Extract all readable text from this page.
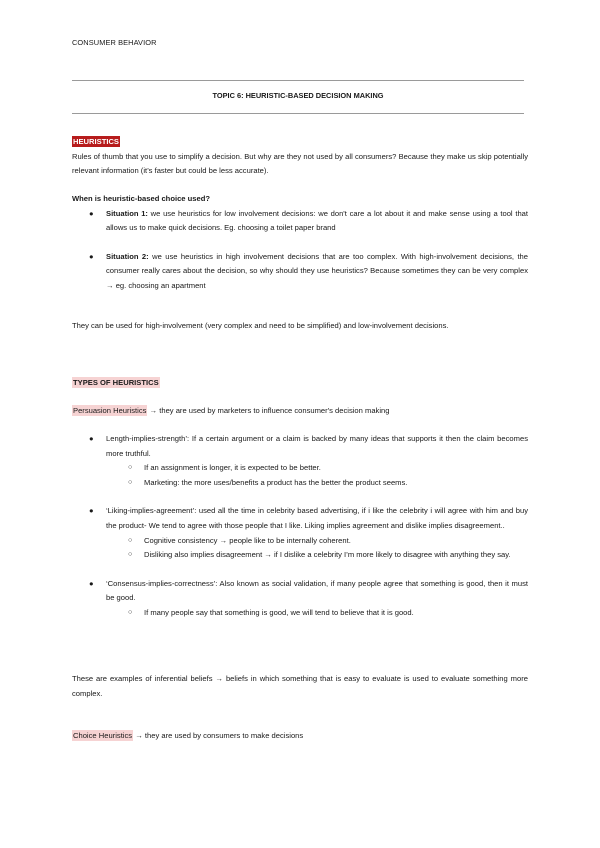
CONSUMER BEHAVIOR
TOPIC 6: HEURISTIC-BASED DECISION MAKING
HEURISTICS
Rules of thumb that you use to simplify a decision. But why are they not used by all consumers? Because they make us skip potentially relevant information (it’s faster but could be less accurate).
When is heuristic-based choice used?
● Situation 1: we use heuristics for low involvement decisions: we don't care a lot about it and make sense using a tool that allows us to make quick decisions. Eg. choosing a toilet paper brand
● Situation 2: we use heuristics in high involvement decisions that are too complex. With high-involvement decisions, the consumer really cares about the decision, so why should they use heuristics? Because sometimes they can be very complex → eg. choosing an apartment
They can be used for high-involvement (very complex and need to be simplified) and low-involvement decisions.
TYPES OF HEURISTICS
Persuasion Heuristics → they are used by marketers to influence consumer's decision making
● Length-implies-strength’: If a certain argument or a claim is backed by many ideas that supports it then the claim becomes more truthful.
○ If an assignment is longer, it is expected to be better.
○ Marketing: the more uses/benefits a product has the better the product seems.
● ‘Liking-implies-agreement’: used all the time in celebrity based advertising, if i like the celebrity i will agree with him and buy the product- We tend to agree with those people that I like. Liking implies agreement and dislike implies disagreement..
○ Cognitive consistency → people like to be internally coherent.
○ Disliking also implies disagreement → if I dislike a celebrity I’m more likely to disagree with anything they say.
● ‘Consensus-implies-correctness’: Also known as social validation, if many people agree that something is good, then it must be good.
○ If many people say that something is good, we will tend to believe that it is good.
These are examples of inferential beliefs → beliefs in which something that is easy to evaluate is used to evaluate something more complex.
Choice Heuristics → they are used by consumers to make decisions
